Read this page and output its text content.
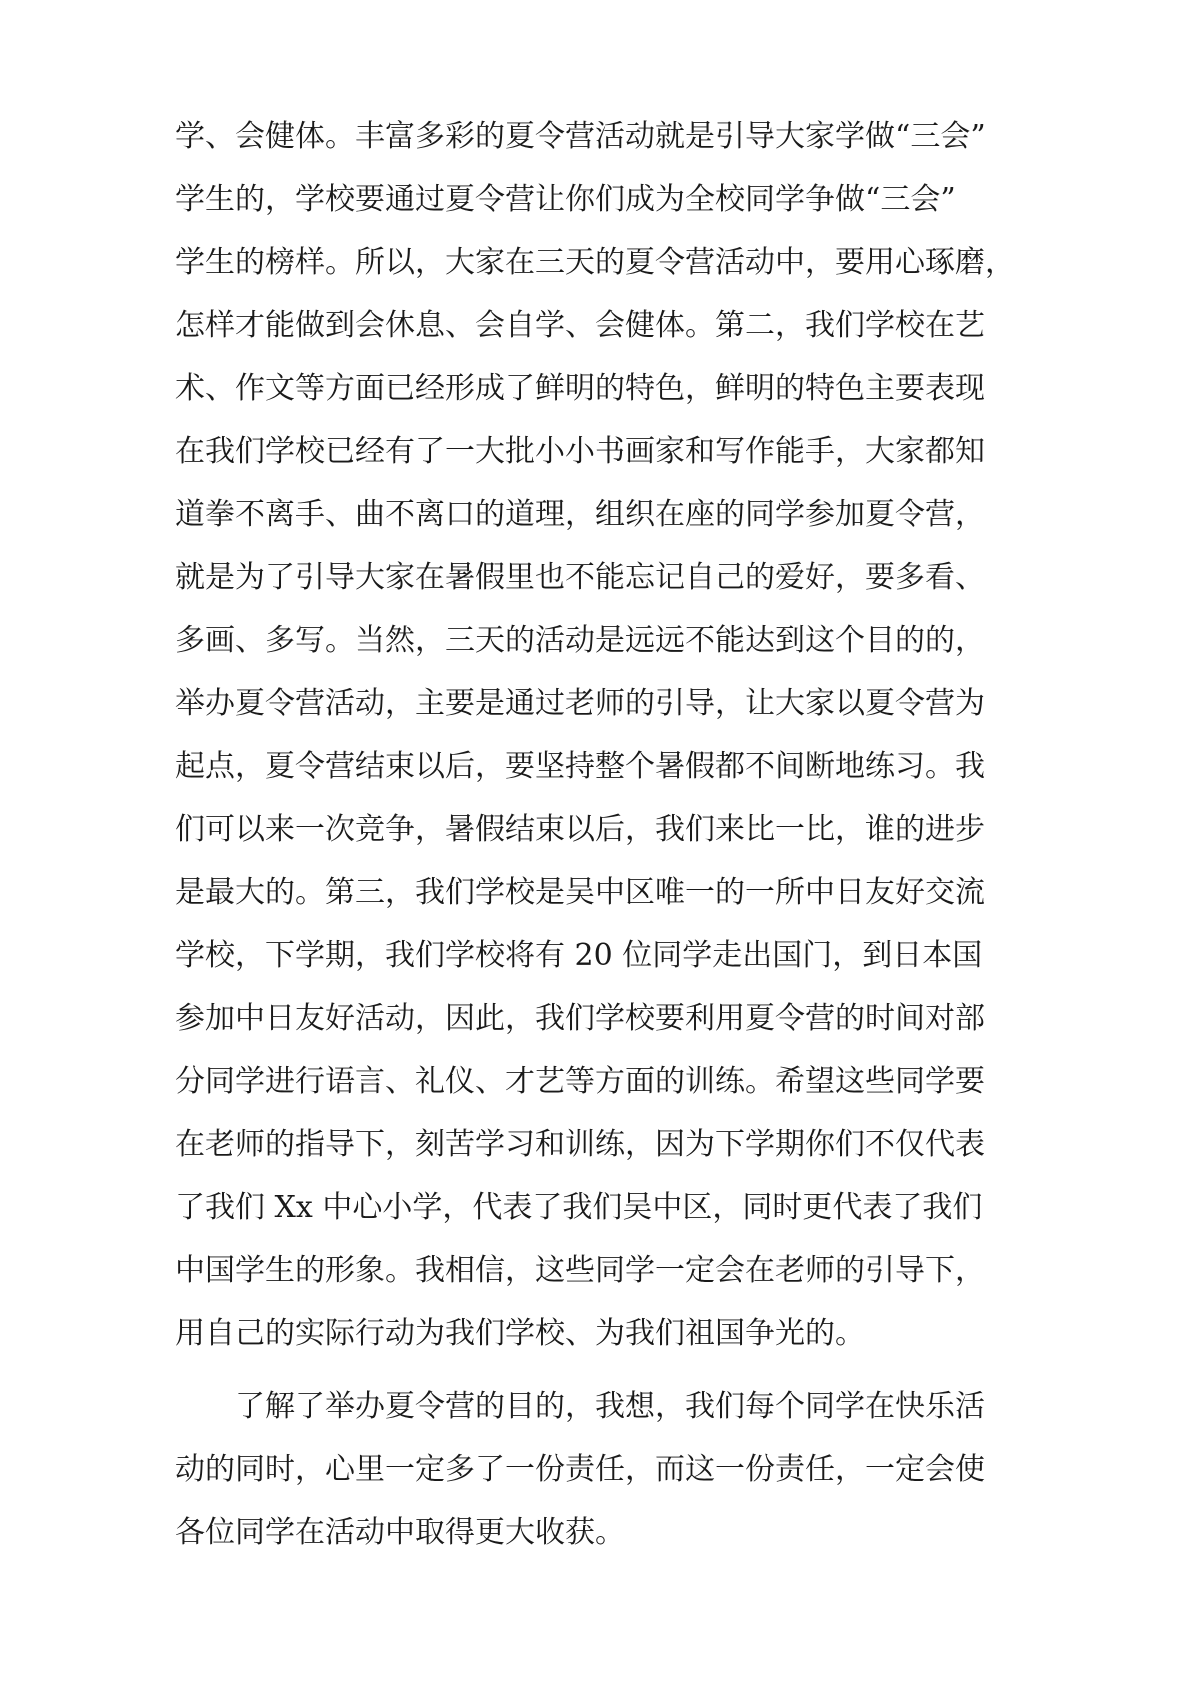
学、会健体。丰富多彩的夏令营活动就是引导大家学做“三会”
学生的，学校要通过夏令营让你们成为全校同学争做“三会”
学生的榜样。所以，大家在三天的夏令营活动中，要用心琢磨，
怎样才能做到会休息、会自学、会健体。第二，我们学校在艺
术、作文等方面已经形成了鲜明的特色，鲜明的特色主要表现
在我们学校已经有了一大批小小书画家和写作能手，大家都知
道拳不离手、曲不离口的道理，组织在座的同学参加夏令营，
就是为了引导大家在暑假里也不能忘记自己的爱好，要多看、
多画、多写。当然，三天的活动是远远不能达到这个目的的，
举办夏令营活动，主要是通过老师的引导，让大家以夏令营为
起点，夏令营结束以后，要坚持整个暑假都不间断地练习。我
们可以来一次竞争，暑假结束以后，我们来比一比，谁的进步
是最大的。第三，我们学校是吴中区唯一的一所中日友好交流
学校，下学期，我们学校将有 20 位同学走出国门，到日本国
参加中日友好活动，因此，我们学校要利用夏令营的时间对部
分同学进行语言、礼仪、才艺等方面的训练。希望这些同学要
在老师的指导下，刻苦学习和训练，因为下学期你们不仅代表
了我们 Xx 中心小学，代表了我们吴中区，同时更代表了我们
中国学生的形象。我相信，这些同学一定会在老师的引导下，
用自己的实际行动为我们学校、为我们祖国争光的。
　　了解了举办夏令营的目的，我想，我们每个同学在快乐活
动的同时，心里一定多了一份责任，而这一份责任，一定会使
各位同学在活动中取得更大收获。
